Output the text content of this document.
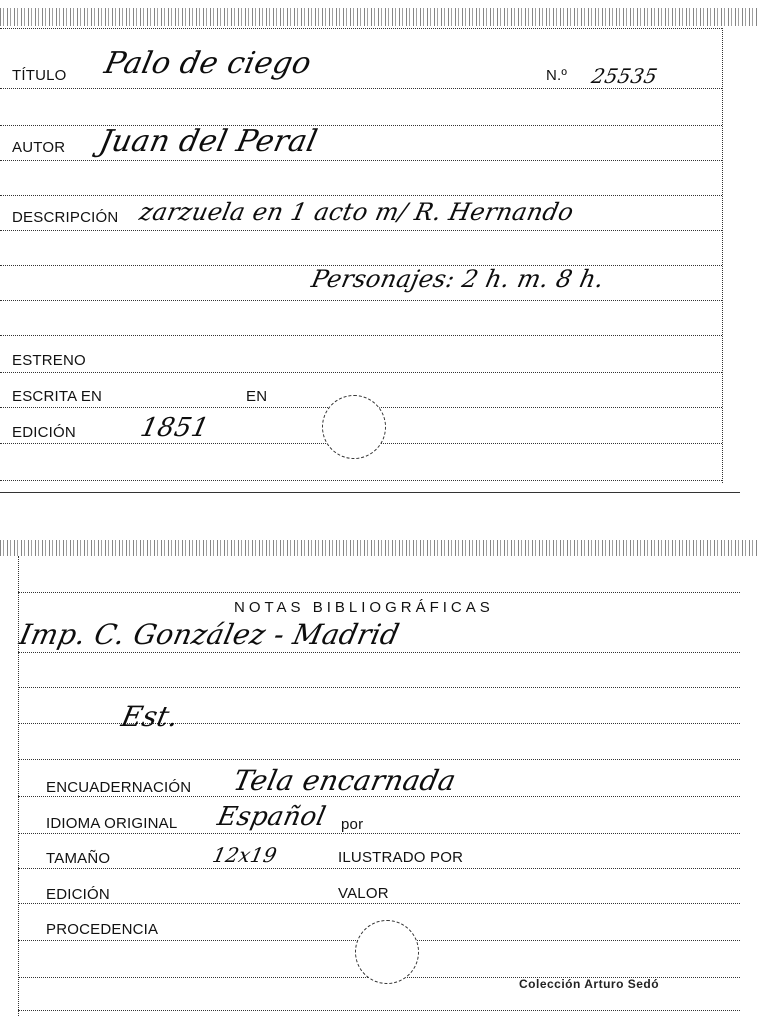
TÍTULO Palo de ciego	N.º 25535
AUTOR Juan del Peral
DESCRIPCIÓN zarzuela en 1 acto m/ R. Hernando
Personajes: 2 h. m. 8 h.
ESTRENO
ESCRITA EN	EN
EDICIÓN 1851
NOTAS BIBLIOGRÁFICAS
Imp. C. González - Madrid
Est.
ENCUADERNACIÓN Tela encarnada
IDIOMA ORIGINAL Español por
TAMAÑO	12x19	ILUSTRADO POR
EDICIÓN	VALOR
PROCEDENCIA
Colección Arturo Sedó
